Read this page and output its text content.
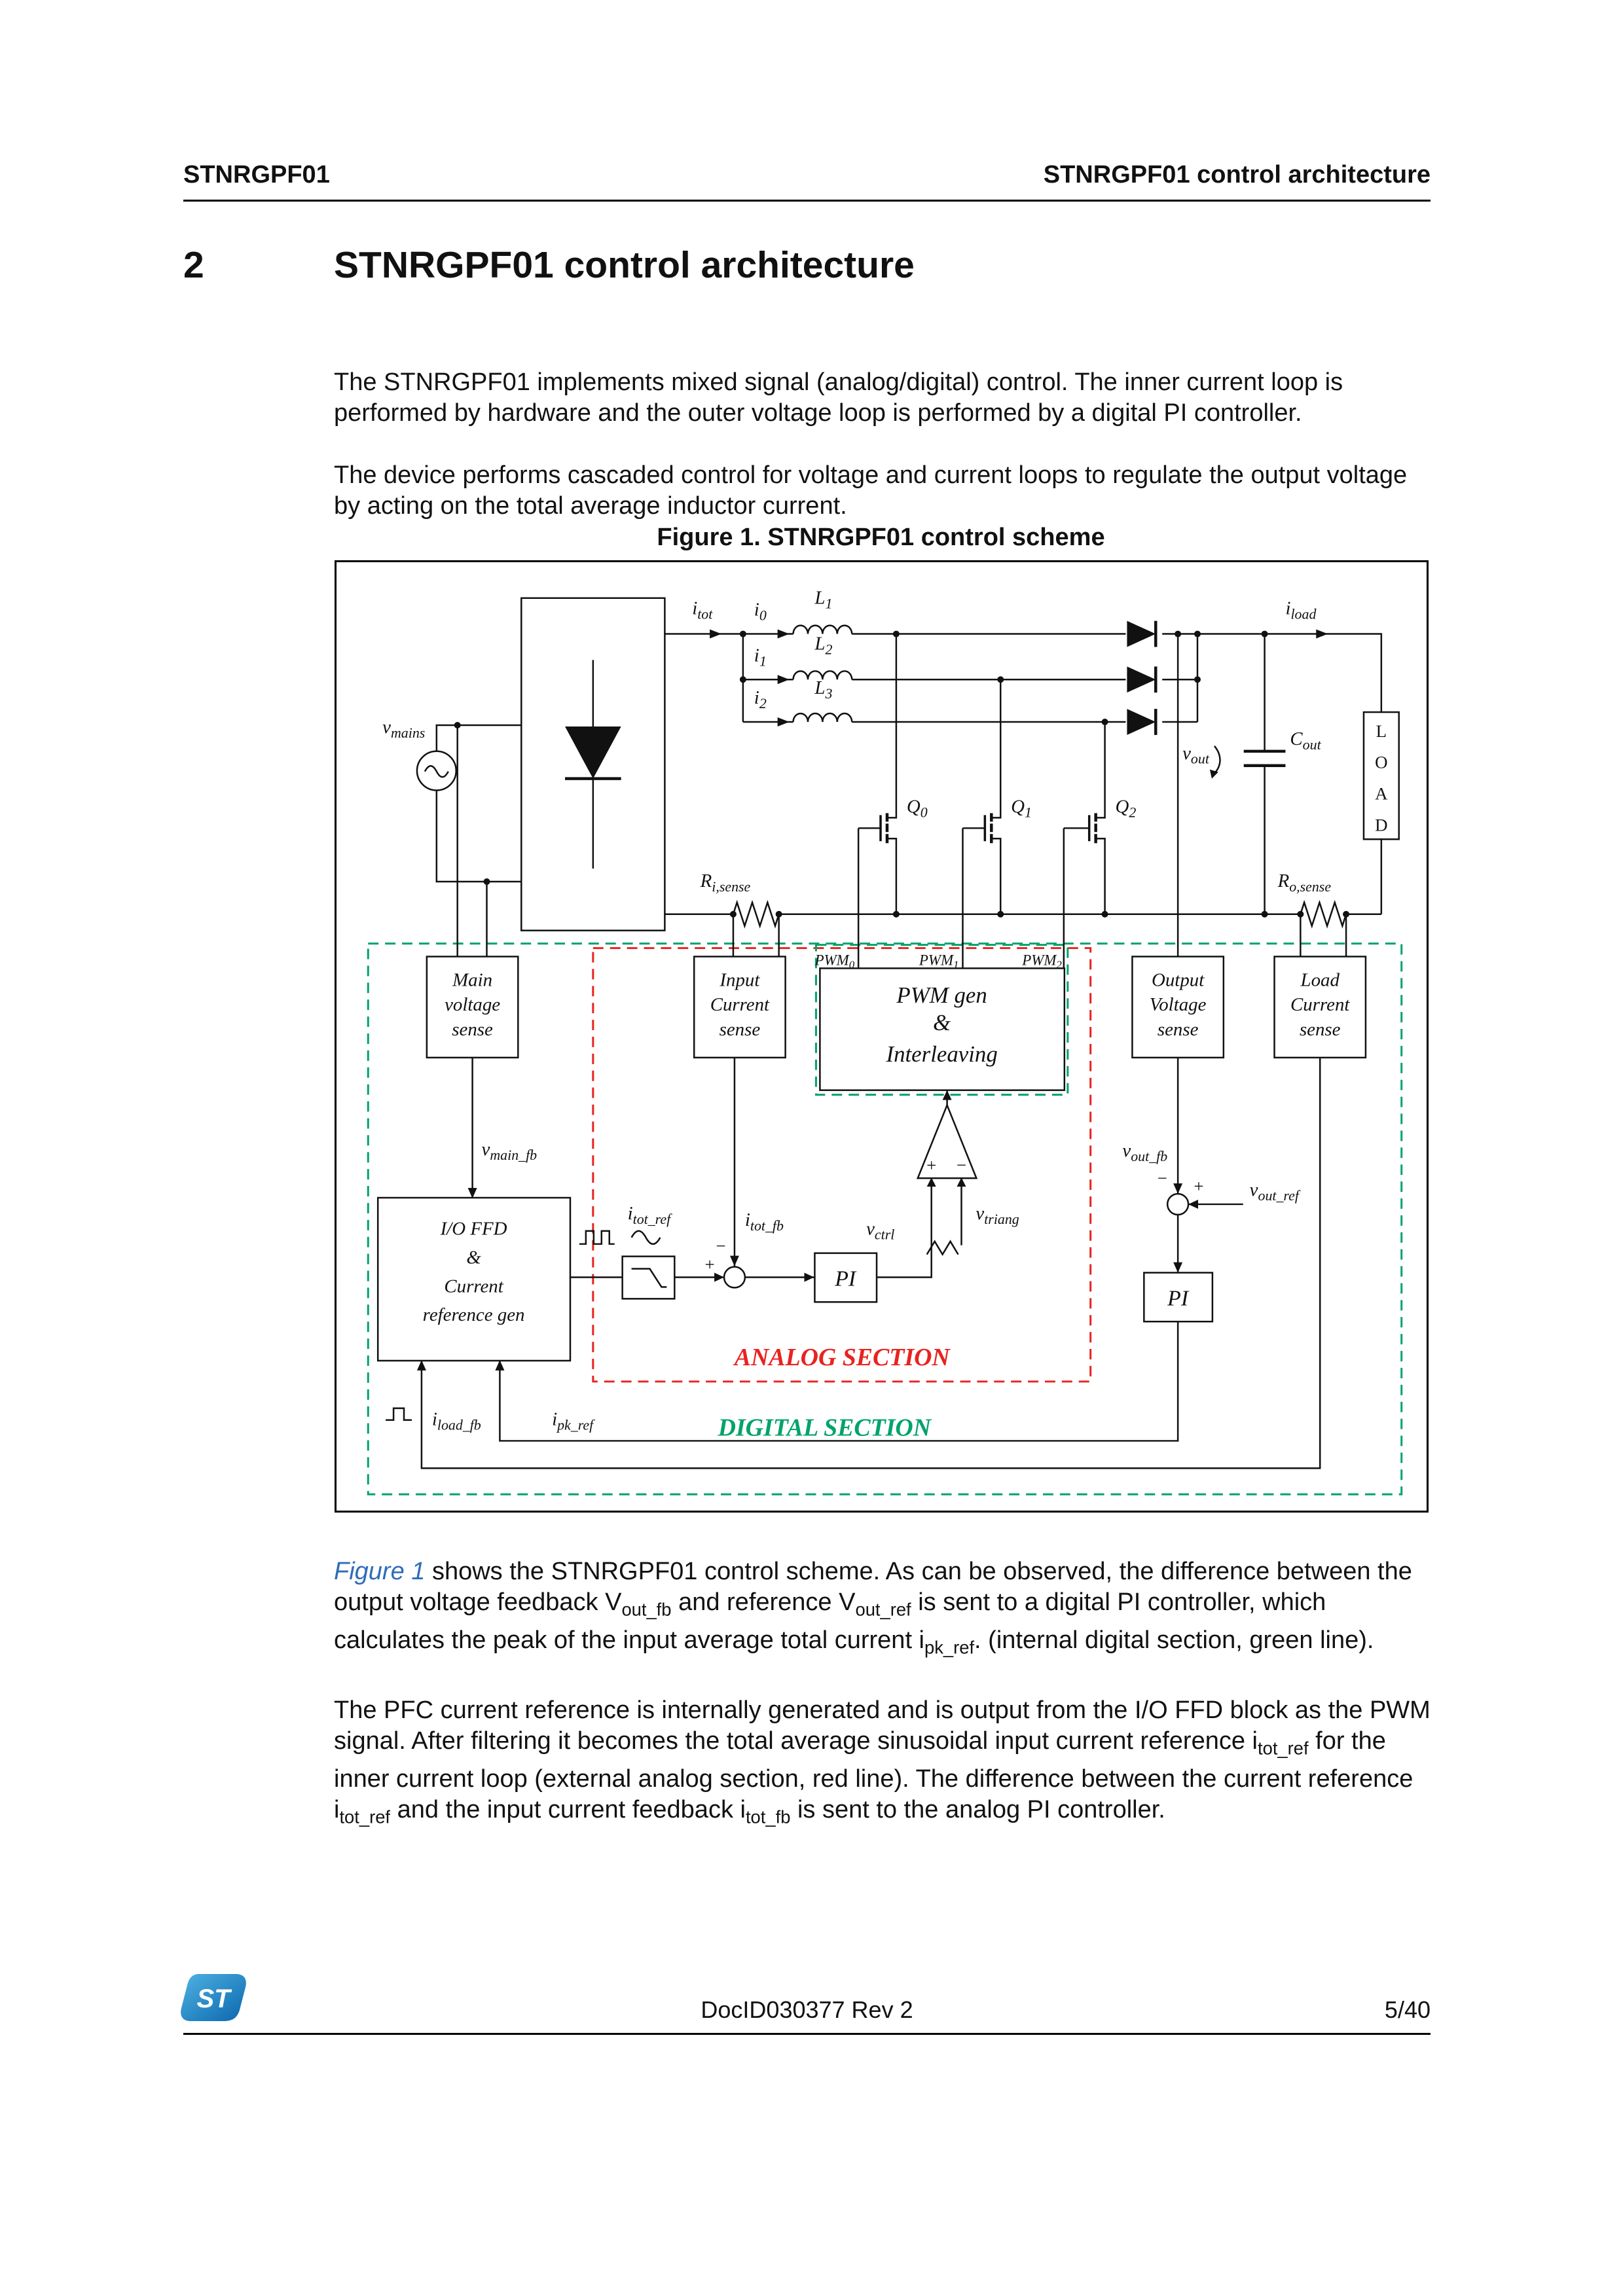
STNRGPF01	STNRGPF01 control architecture
2	STNRGPF01 control architecture

The STNRGPF01 implements mixed signal (analog/digital) control. The inner current loop is performed by hardware and the outer voltage loop is performed by a digital PI controller.

The device performs cascaded control for voltage and current loops to regulate the output voltage by acting on the total average inductor current.

Figure 1. STNRGPF01 control scheme
L
O
A
D
Main
voltage
sense
Input
Current
sense
PWM gen
&
Interleaving
Output
Voltage
sense
Load
Current
sense
I/O FFD
&
Current
reference gen
PI
PI
$v_{mains}$
$i_{tot}$ $i_0$
$i_1$
$i_2$
$L_1$
$L_2$
$L_3$
$i_{load}$
$Q_0$	$Q_1$	$Q_2$
$v_{out}$
$C_{out}$
$R_{i,sense}$	$R_{o,sense}$
$PWM_0$	$PWM_1$	$PWM_2$
$v_{main\_fb}$
$i_{tot\_ref}$	$i_{tot\_fb}$	$v_{ctrl}$
$v_{triang}$
$v_{out\_fb}$
$v_{out\_ref}$
$i_{load\_fb}$	$i_{pk\_ref}$
+
−
+ −
− +
ANALOG SECTION
DIGITAL SECTION

Figure 1 shows the STNRGPF01 control scheme. As can be observed, the difference between the output voltage feedback $V_{out\_fb}$ and reference $V_{out\_ref}$ is sent to a digital PI controller, which calculates the peak of the input average total current $i_{pk\_ref}$. (internal digital section, green line).

The PFC current reference is internally generated and is output from the I/O FFD block as the PWM signal. After filtering it becomes the total average sinusoidal input current reference $i_{tot\_ref}$ for the inner current loop (external analog section, red line). The difference between the current reference $i_{tot\_ref}$ and the input current feedback $i_{tot\_fb}$ is sent to the analog PI controller.

ST	DocID030377 Rev 2	5/40
